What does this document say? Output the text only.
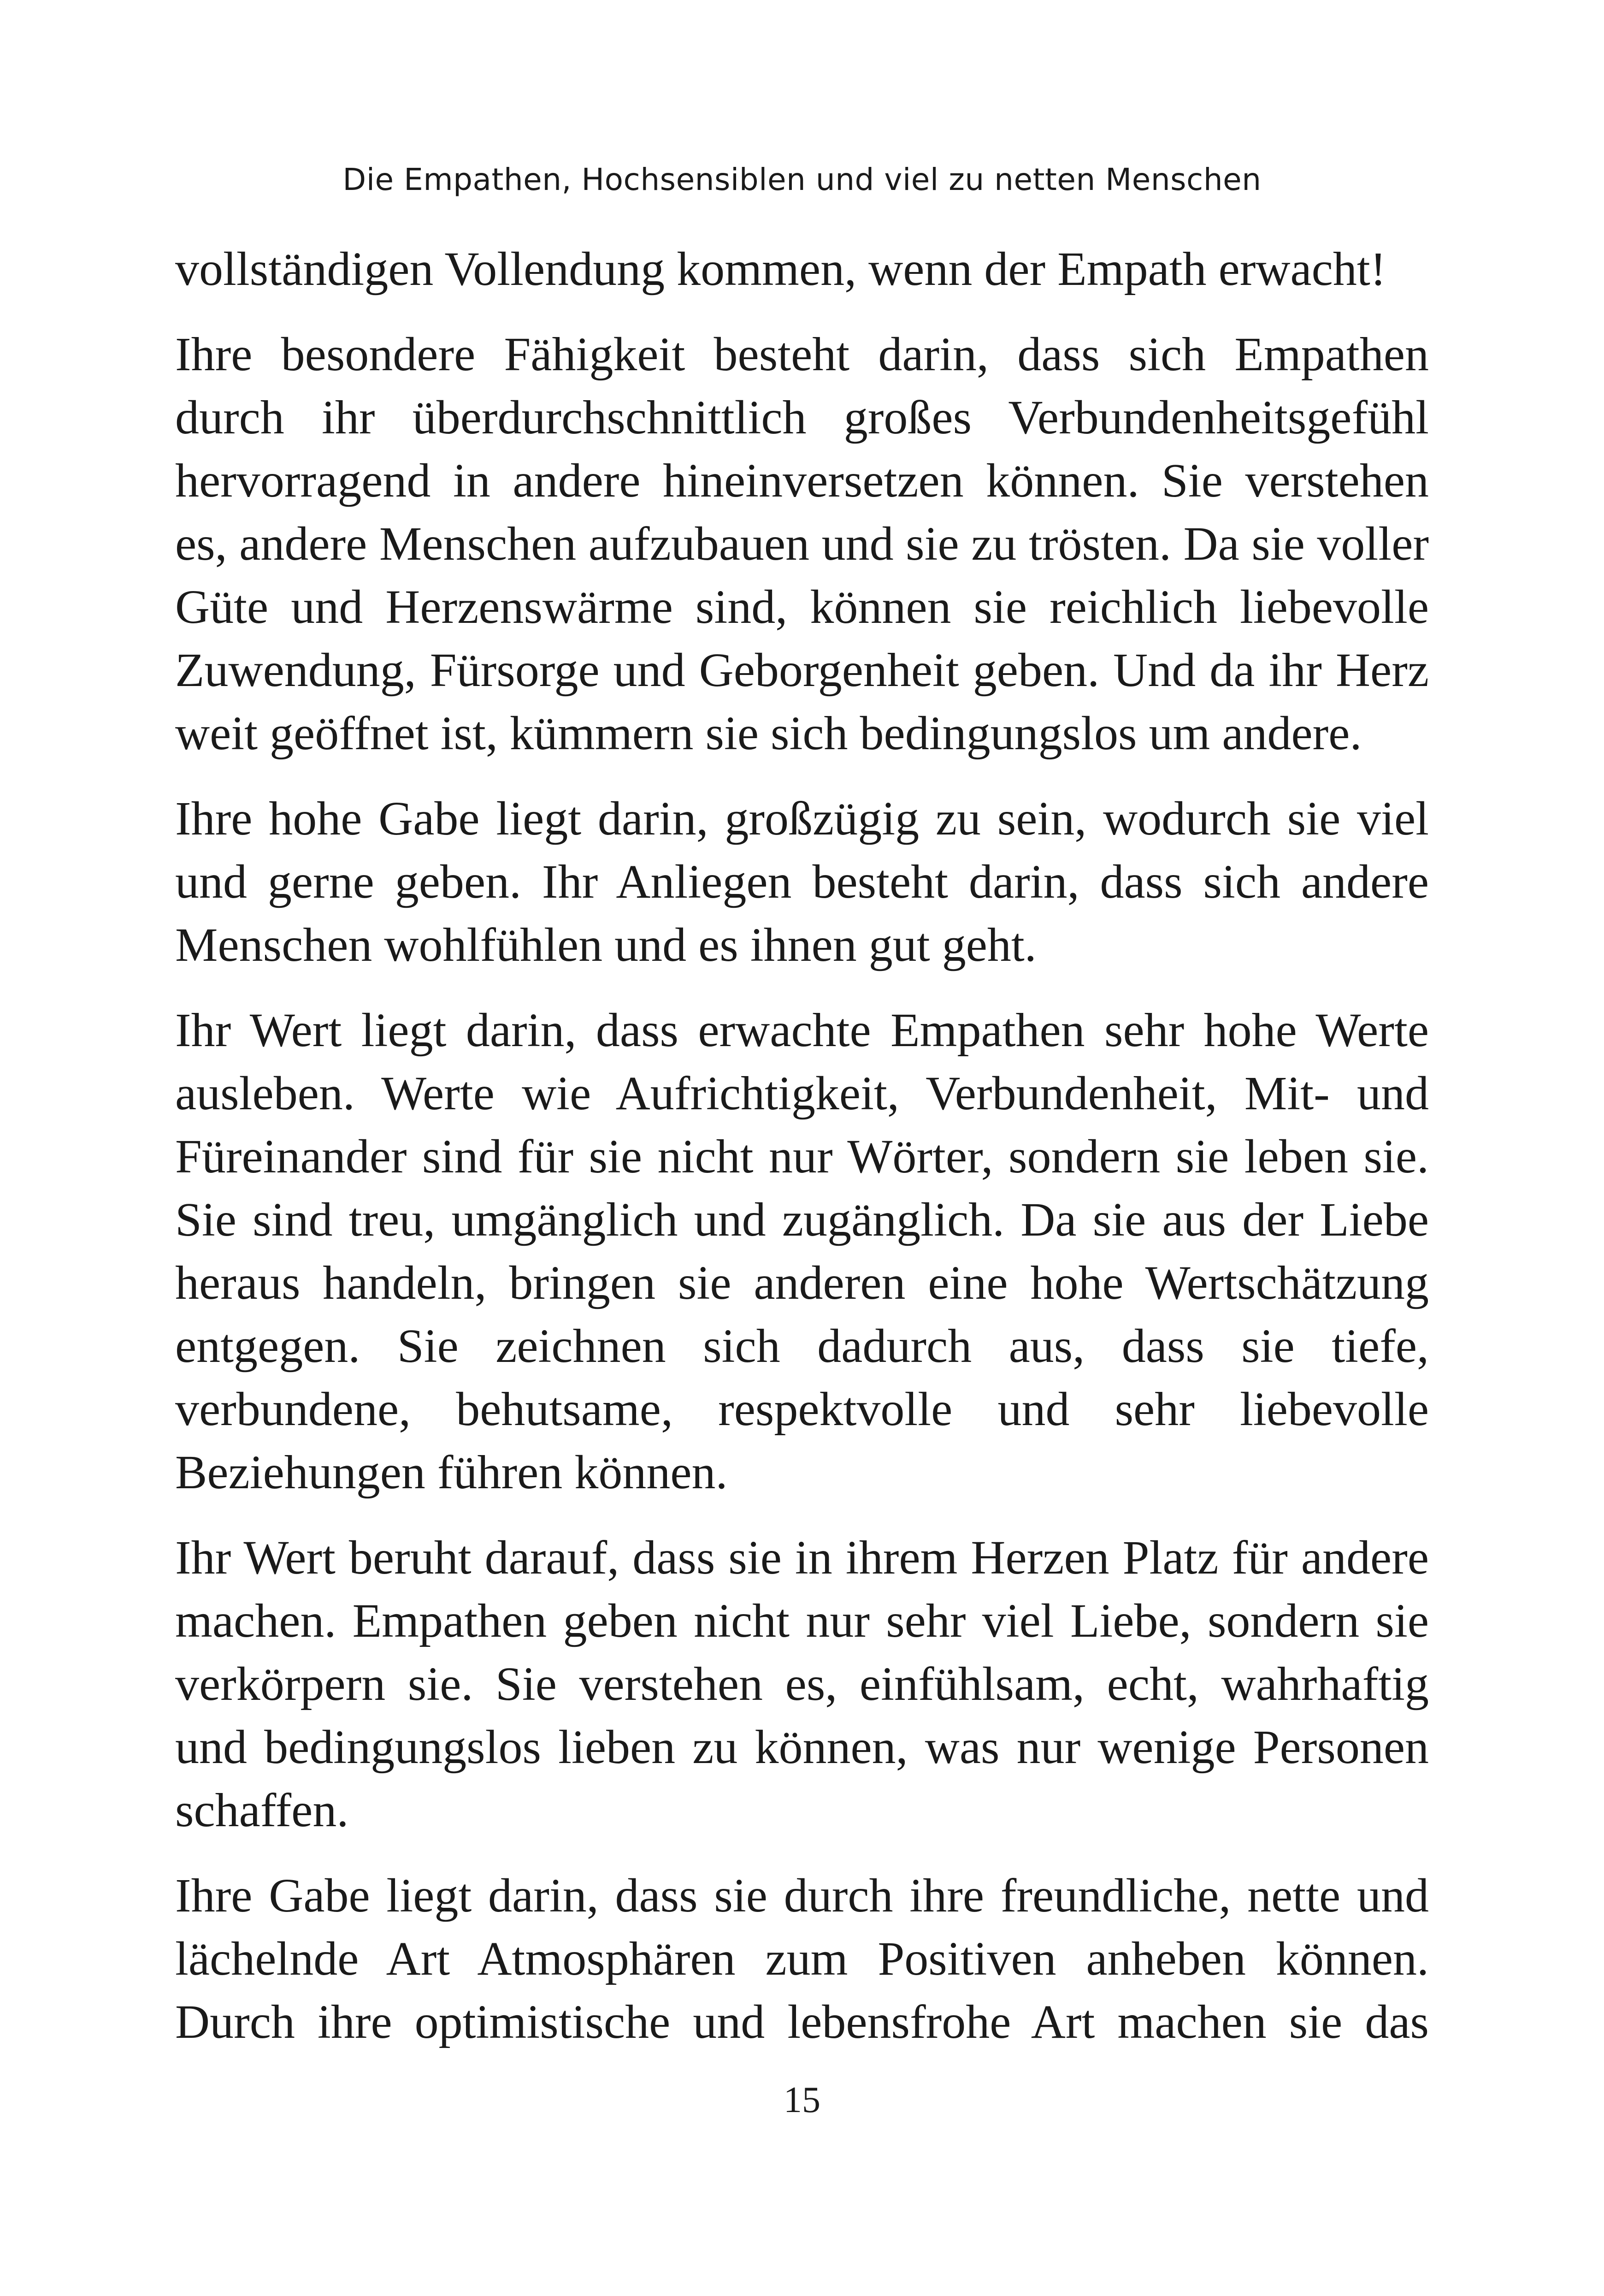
Die Empathen, Hochsensiblen und viel zu netten Menschen

vollständigen Vollendung kommen, wenn der Empath erwacht!

Ihre besondere Fähigkeit besteht darin, dass sich Empathen durch ihr überdurchschnittlich großes Verbundenheitsgefühl hervorragend in andere hineinversetzen können. Sie verstehen es, andere Menschen aufzubauen und sie zu trösten. Da sie voller Güte und Herzenswärme sind, können sie reichlich liebevolle Zuwendung, Fürsorge und Geborgenheit geben. Und da ihr Herz weit geöffnet ist, kümmern sie sich bedingungslos um andere.

Ihre hohe Gabe liegt darin, großzügig zu sein, wodurch sie viel und gerne geben. Ihr Anliegen besteht darin, dass sich andere Menschen wohlfühlen und es ihnen gut geht.

Ihr Wert liegt darin, dass erwachte Empathen sehr hohe Werte ausleben. Werte wie Aufrichtigkeit, Verbundenheit, Mit- und Füreinander sind für sie nicht nur Wörter, sondern sie leben sie. Sie sind treu, umgänglich und zugänglich. Da sie aus der Liebe heraus handeln, bringen sie anderen eine hohe Wertschätzung entgegen. Sie zeichnen sich dadurch aus, dass sie tiefe, verbundene, behutsame, respektvolle und sehr liebevolle Beziehungen führen können.

Ihr Wert beruht darauf, dass sie in ihrem Herzen Platz für andere machen. Empathen geben nicht nur sehr viel Liebe, sondern sie verkörpern sie. Sie verstehen es, einfühlsam, echt, wahrhaftig und bedingungslos lieben zu können, was nur wenige Personen schaffen.

Ihre Gabe liegt darin, dass sie durch ihre freundliche, nette und lächelnde Art Atmosphären zum Positiven anheben können. Durch ihre optimistische und lebensfrohe Art machen sie das

15
